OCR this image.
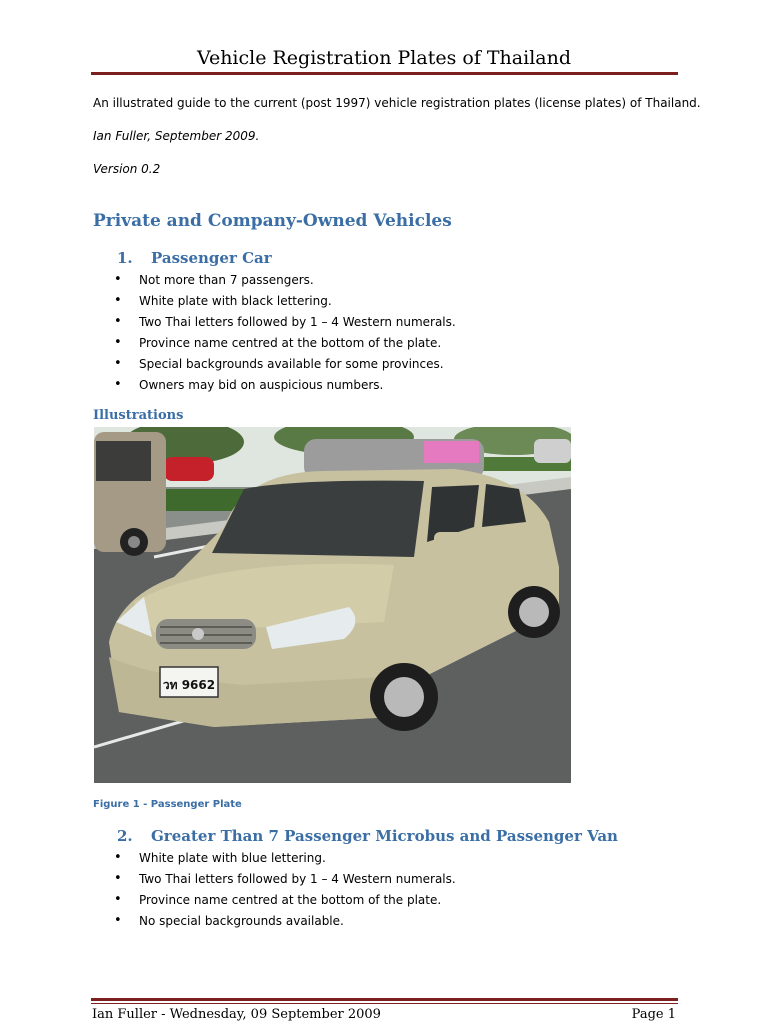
Vehicle Registration Plates of Thailand
An illustrated guide to the current (post 1997) vehicle registration plates (license plates) of Thailand.
Ian Fuller, September 2009.
Version 0.2
Private and Company-Owned Vehicles
1. Passenger Car
• Not more than 7 passengers.
• White plate with black lettering.
• Two Thai letters followed by 1 – 4 Western numerals.
• Province name centred at the bottom of the plate.
• Special backgrounds available for some provinces.
• Owners may bid on auspicious numbers.
Illustrations
วท 9662
Figure 1 - Passenger Plate
2. Greater Than 7 Passenger Microbus and Passenger Van
• White plate with blue lettering.
• Two Thai letters followed by 1 – 4 Western numerals.
• Province name centred at the bottom of the plate.
• No special backgrounds available.
Ian Fuller - Wednesday, 09 September 2009	Page 1
